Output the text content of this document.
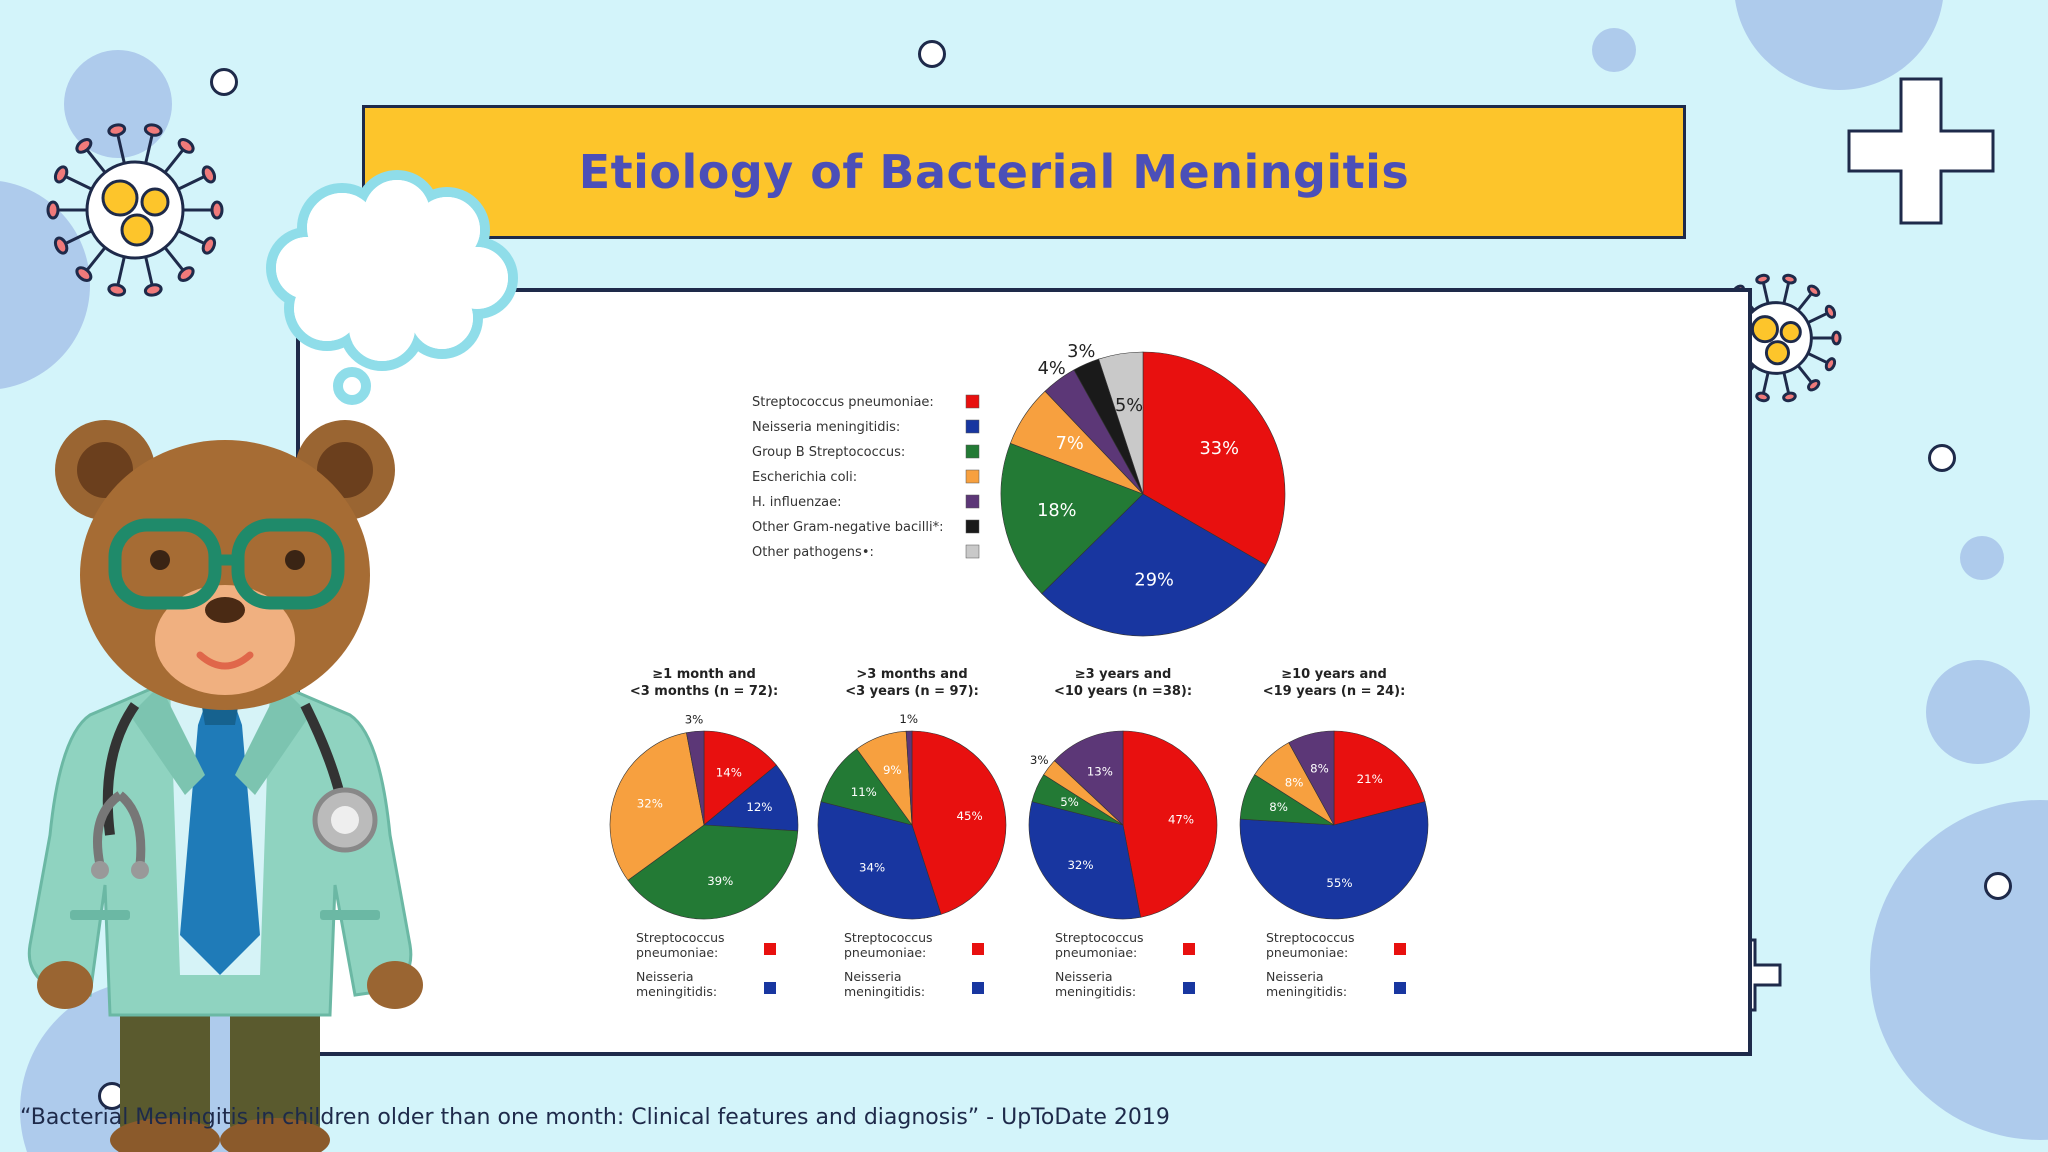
Etiology of Bacterial Meningitis
Streptococcus pneumoniae:
Neisseria meningitidis:
Group B Streptococcus:
Escherichia coli:
H. influenzae:
Other Gram-negative bacilli*:
Other pathogens•:
33%
29%
18%
7%
4%
3%
5%
≥1 month and
<3 months (n = 72):
14%
12%
39%
32%
3%
Streptococcus
pneumoniae:
Neisseria
meningitidis:
>3 months and
<3 years (n = 97):
45%
34%
11%
9%
1%
Streptococcus
pneumoniae:
Neisseria
meningitidis:
≥3 years and
<10 years (n =38):
47%
32%
5%
3%
13%
Streptococcus
pneumoniae:
Neisseria
meningitidis:
≥10 years and
<19 years (n = 24):
21%
55%
8%
8%
8%
Streptococcus
pneumoniae:
Neisseria
meningitidis:
“Bacterial Meningitis in children older than one month: Clinical features and diagnosis” - UpToDate 2019
